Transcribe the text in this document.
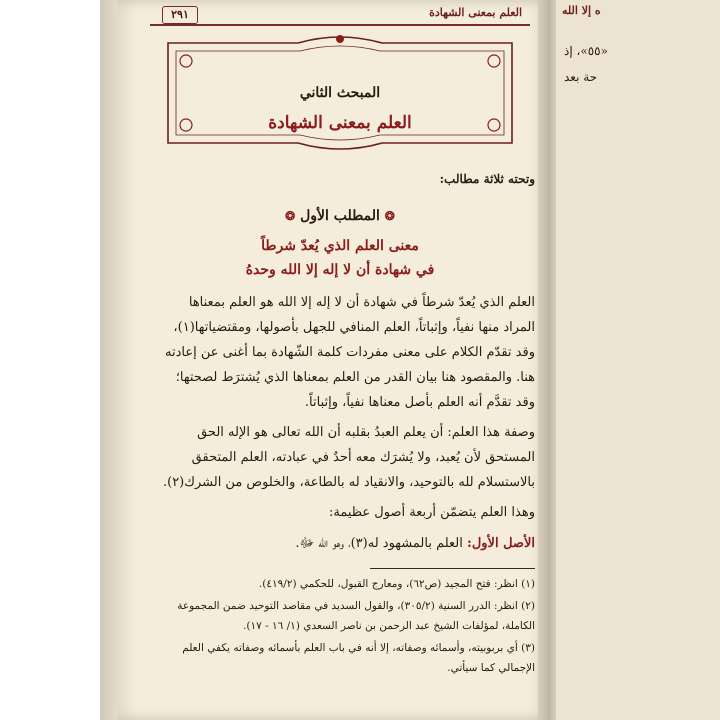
ه إلا الله
«٥٥»، إذ
حة بعد
العلم بمعنى الشهادة
٢٩١
المبحث الثاني
العلم بمعنى الشهادة
وتحته ثلاثة مطالب:
❂ المطلب الأول ❂
معنى العلم الذي يُعدّ شرطاً
في شهادة أن لا إله إلا الله وحدهُ
العلم الذي يُعدّ شرطاً في شهادة أن لا إله إلا الله هو العلم بمعناها
المراد منها نفياً، وإثباتاً، العلم المنافي للجهل بأصولها، ومقتضياتها(١)،
وقد تقدّم الكلام على معنى مفردات كلمة الشّهادة بما أغنى عن إعادته
هنا. والمقصود هنا بيان القدر من العلم بمعناها الذي يُشترَط لصحتها؛
وقد تقدَّم أنه العلم بأصل معناها نفياً، وإثباتاً.
وصفة هذا العلم: أن يعلم العبدُ بقلبه أن الله تعالى هو الإله الحق
المستحق لأن يُعبد، ولا يُشرَك معه أحدٌ في عبادته، العلم المتحقق
بالاستسلام لله بالتوحيد، والانقياد له بالطاعة، والخلوص من الشرك(٢).
وهذا العلم يتضمّن أربعة أصول عظيمة:
الأصل الأول: العلم بالمشهود له(٣)، وهو الله ﷻ.
(١) انظر: فتح المجيد (ص٦٢)، ومعارج القبول، للحكمي (٤١٩/٢).
(٢) انظر: الدرر السنية (٣٠٥/٢)، والقول السديد في مقاصد التوحيد ضمن المجموعة
الكاملة، لمؤلفات الشيخ عبد الرحمن بن ناصر السعدي (١/ ١٦ - ١٧).
(٣) أي بربوبيته، وأسمائه وصفاته، إلا أنه في باب العلم بأسمائه وصفاته يكفي العلم
الإجمالي كما سيأتي.
